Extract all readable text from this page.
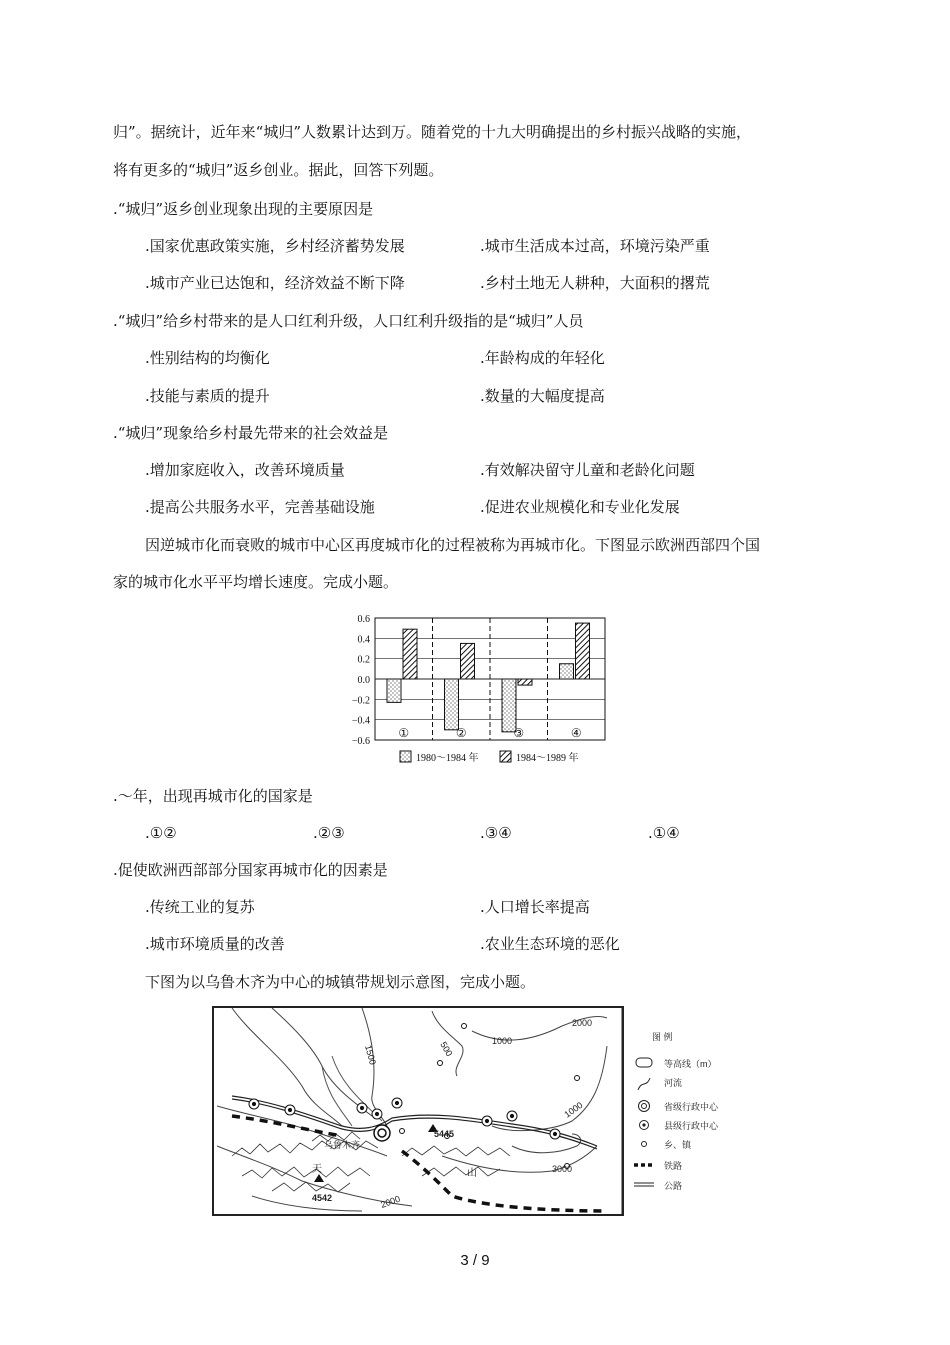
归”。据统计，近年来“城归”人数累计达到万。随着党的十九大明确提出的乡村振兴战略的实施，
将有更多的“城归”返乡创业。据此，回答下列题。
.“城归”返乡创业现象出现的主要原因是
.国家优惠政策实施，乡村经济蓄势发展	.城市生活成本过高，环境污染严重
.城市产业已达饱和，经济效益不断下降	.乡村土地无人耕种，大面积的撂荒
.“城归”给乡村带来的是人口红利升级，人口红利升级指的是“城归”人员
.性别结构的均衡化	.年龄构成的年轻化
.技能与素质的提升	.数量的大幅度提高
.“城归”现象给乡村最先带来的社会效益是
.增加家庭收入，改善环境质量	.有效解决留守儿童和老龄化问题
.提高公共服务水平，完善基础设施	.促进农业规模化和专业化发展
因逆城市化而衰败的城市中心区再度城市化的过程被称为再城市化。下图显示欧洲西部四个国
家的城市化水平平均增长速度。完成小题。
0.6
0.4
0.2
0.0
−0.2
−0.4
−0.6
①	②	③	④
1980～1984 年	1984～1989 年
.～年，出现再城市化的国家是
.①②	.②③	.③④	.①④
.促使欧洲西部部分国家再城市化的因素是
.传统工业的复苏	.人口增长率提高
.城市环境质量的改善	.农业生态环境的恶化
下图为以乌鲁木齐为中心的城镇带规划示意图，完成小题。
2000
1000
500
1500
1000
3000
2000
乌鲁木齐
5445
4542
天	山
图 例
等高线（m）
河流
省级行政中心
县级行政中心
乡、镇
铁路
公路
3 / 9
